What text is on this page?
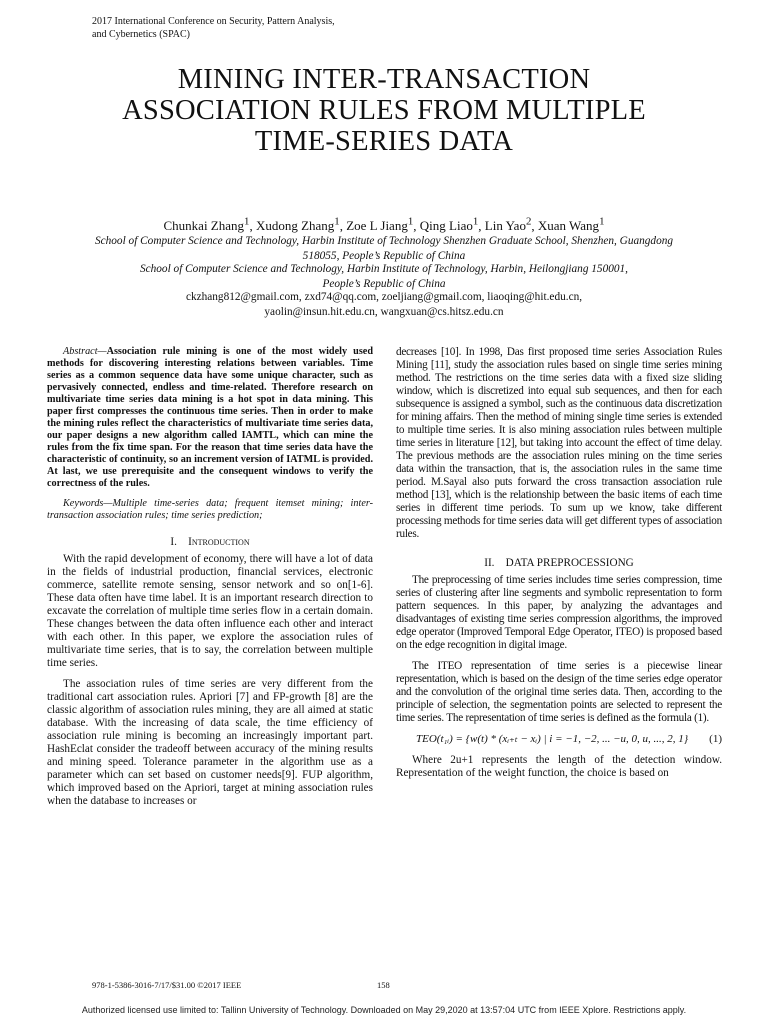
2017 International Conference on Security, Pattern Analysis,
and Cybernetics (SPAC)
MINING INTER-TRANSACTION
ASSOCIATION RULES FROM MULTIPLE
TIME-SERIES DATA
Chunkai Zhang$^1$, Xudong Zhang$^1$, Zoe L Jiang$^1$, Qing Liao$^1$, Lin Yao$^2$, Xuan Wang$^1$
School of Computer Science and Technology, Harbin Institute of Technology Shenzhen Graduate School, Shenzhen, Guangdong
518055, People’s Republic of China
School of Computer Science and Technology, Harbin Institute of Technology, Harbin, Heilongjiang 150001,
People’s Republic of China
ckzhang812@gmail.com, zxd74@qq.com, zoeljiang@gmail.com, liaoqing@hit.edu.cn,
yaolin@insun.hit.edu.cn, wangxuan@cs.hitsz.edu.cn

Abstract—Association rule mining is one of the most widely used methods for discovering interesting relations between variables. Time series as a common sequence data have some unique character, such as pervasively connected, endless and time-related. Therefore research on multivariate time series data mining is a hot spot in data mining. This paper first compresses the continuous time series. Then in order to make the mining rules reflect the characteristics of multivariate time series data, our paper designs a new algorithm called IAMTL, which can mine the rules from the fix time span. For the reason that time series data have the characteristic of continuity, so an increment version of IATML is provided. At last, we use prerequisite and the consequent windows to verify the correctness of the rules.

Keywords—Multiple time-series data; frequent itemset mining; inter-transaction association rules; time series prediction;

I. Introduction

With the rapid development of economy, there will have a lot of data in the fields of industrial production, financial services, electronic commerce, satellite remote sensing, sensor network and so on[1-6]. These data often have time label. It is an important research direction to excavate the correlation of multiple time series flow in a certain domain. These changes between the data often influence each other and interact with each other. In this paper, we explore the association rules of multivariate time series, that is to say, the correlation between multiple time series.

The association rules of time series are very different from the traditional cart association rules. Apriori [7] and FP-growth [8] are the classic algorithm of association rules mining, they are all aimed at static database. With the increasing of data scale, the time efficiency of association rule mining is becoming an increasingly important part. HashEclat consider the tradeoff between accuracy of the mining results and mining speed. Tolerance parameter in the algorithm use as a parameter which can set based on customer needs[9]. FUP algorithm, which improved based on the Apriori, target at mining association rules when the database to increases or

decreases [10]. In 1998, Das first proposed time series Association Rules Mining [11], study the association rules based on single time series mining method. The restrictions on the time series data with a fixed size sliding window, which is discretized into equal sub sequences, and then for each subsequence is assigned a symbol, such as the continuous data discretization for mining affairs. Then the method of mining single time series is extended to multiple time series. It is also mining association rules between multiple time series in literature [12], but taking into account the effect of time delay. The previous methods are the association rules mining on the time series data within the transaction, that is, the association rules in the same time period. M.Sayal also puts forward the cross transaction association rule method [13], which is the relationship between the basic items of each time series in different time periods. To sum up we know, take different processing methods for time series data will get different types of association rules.

II. DATA PREPROCESSIONG

The preprocessing of time series includes time series compression, time series of clustering after line segments and symbolic representation to form pattern sequences. In this paper, by analyzing the advantages and disadvantages of existing time series compression algorithms, the improved edge operator (Improved Temporal Edge Operator, ITEO) is proposed based on the edge recognition in digital image.

The ITEO representation of time series is a piecewise linear representation, which is based on the design of the time series edge operator and the convolution of the original time series data. Then, according to the principle of selection, the segmentation points are selected to represent the time series. The representation of time series is defined as the formula (1).

TEO(t₁ᵢ) = {w(t) * (xᵢ₊ₜ − xᵢ) | i = −1, −2, ... −u, 0, u, ..., 2, 1} (1)

Where 2u+1 represents the length of the detection window. Representation of the weight function, the choice is based on

978-1-5386-3016-7/17/$31.00 ©2017 IEEE	158
Authorized licensed use limited to: Tallinn University of Technology. Downloaded on May 29,2020 at 13:57:04 UTC from IEEE Xplore. Restrictions apply.
